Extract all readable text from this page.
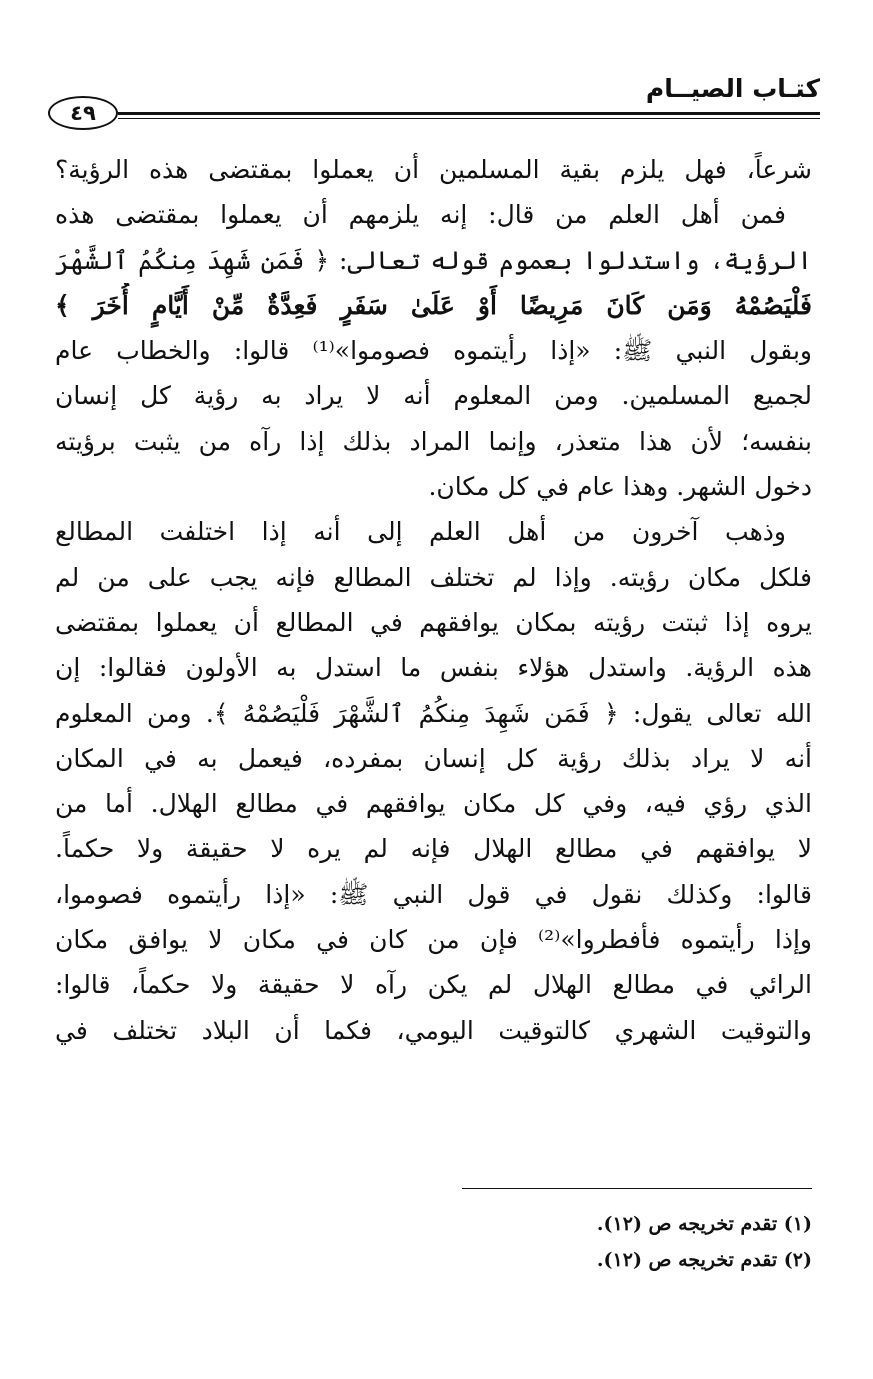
كتـاب الصيــام
٤٩
شرعاً، فهل يلزم بقية المسلمين أن يعملوا بمقتضى هذه الرؤية؟
فمن أهل العلم من قال: إنه يلزمهم أن يعملوا بمقتضى هذه
الرؤية، واستدلوا بعموم قوله تعالى: ﴿ فَمَن شَهِدَ مِنكُمُ ٱلشَّهْرَ
فَلْيَصُمْهُ وَمَن كَانَ مَرِيضًا أَوْ عَلَىٰ سَفَرٍ فَعِدَّةٌ مِّنْ أَيَّامٍ أُخَرَ ﴾
وبقول النبي ﷺ: «إذا رأيتموه فصوموا»⁽¹⁾ قالوا: والخطاب عام
لجميع المسلمين. ومن المعلوم أنه لا يراد به رؤية كل إنسان
بنفسه؛ لأن هذا متعذر، وإنما المراد بذلك إذا رآه من يثبت برؤيته
دخول الشهر. وهذا عام في كل مكان.
وذهب آخرون من أهل العلم إلى أنه إذا اختلفت المطالع
فلكل مكان رؤيته. وإذا لم تختلف المطالع فإنه يجب على من لم
يروه إذا ثبتت رؤيته بمكان يوافقهم في المطالع أن يعملوا بمقتضى
هذه الرؤية. واستدل هؤلاء بنفس ما استدل به الأولون فقالوا: إن
الله تعالى يقول: ﴿ فَمَن شَهِدَ مِنكُمُ ٱلشَّهْرَ فَلْيَصُمْهُ ﴾. ومن المعلوم
أنه لا يراد بذلك رؤية كل إنسان بمفرده، فيعمل به في المكان
الذي رؤي فيه، وفي كل مكان يوافقهم في مطالع الهلال. أما من
لا يوافقهم في مطالع الهلال فإنه لم يره لا حقيقة ولا حكماً.
قالوا: وكذلك نقول في قول النبي ﷺ: «إذا رأيتموه فصوموا،
وإذا رأيتموه فأفطروا»⁽²⁾ فإن من كان في مكان لا يوافق مكان
الرائي في مطالع الهلال لم يكن رآه لا حقيقة ولا حكماً، قالوا:
والتوقيت الشهري كالتوقيت اليومي، فكما أن البلاد تختلف في
(١) تقدم تخريجه ص (١٢).
(٢) تقدم تخريجه ص (١٢).
